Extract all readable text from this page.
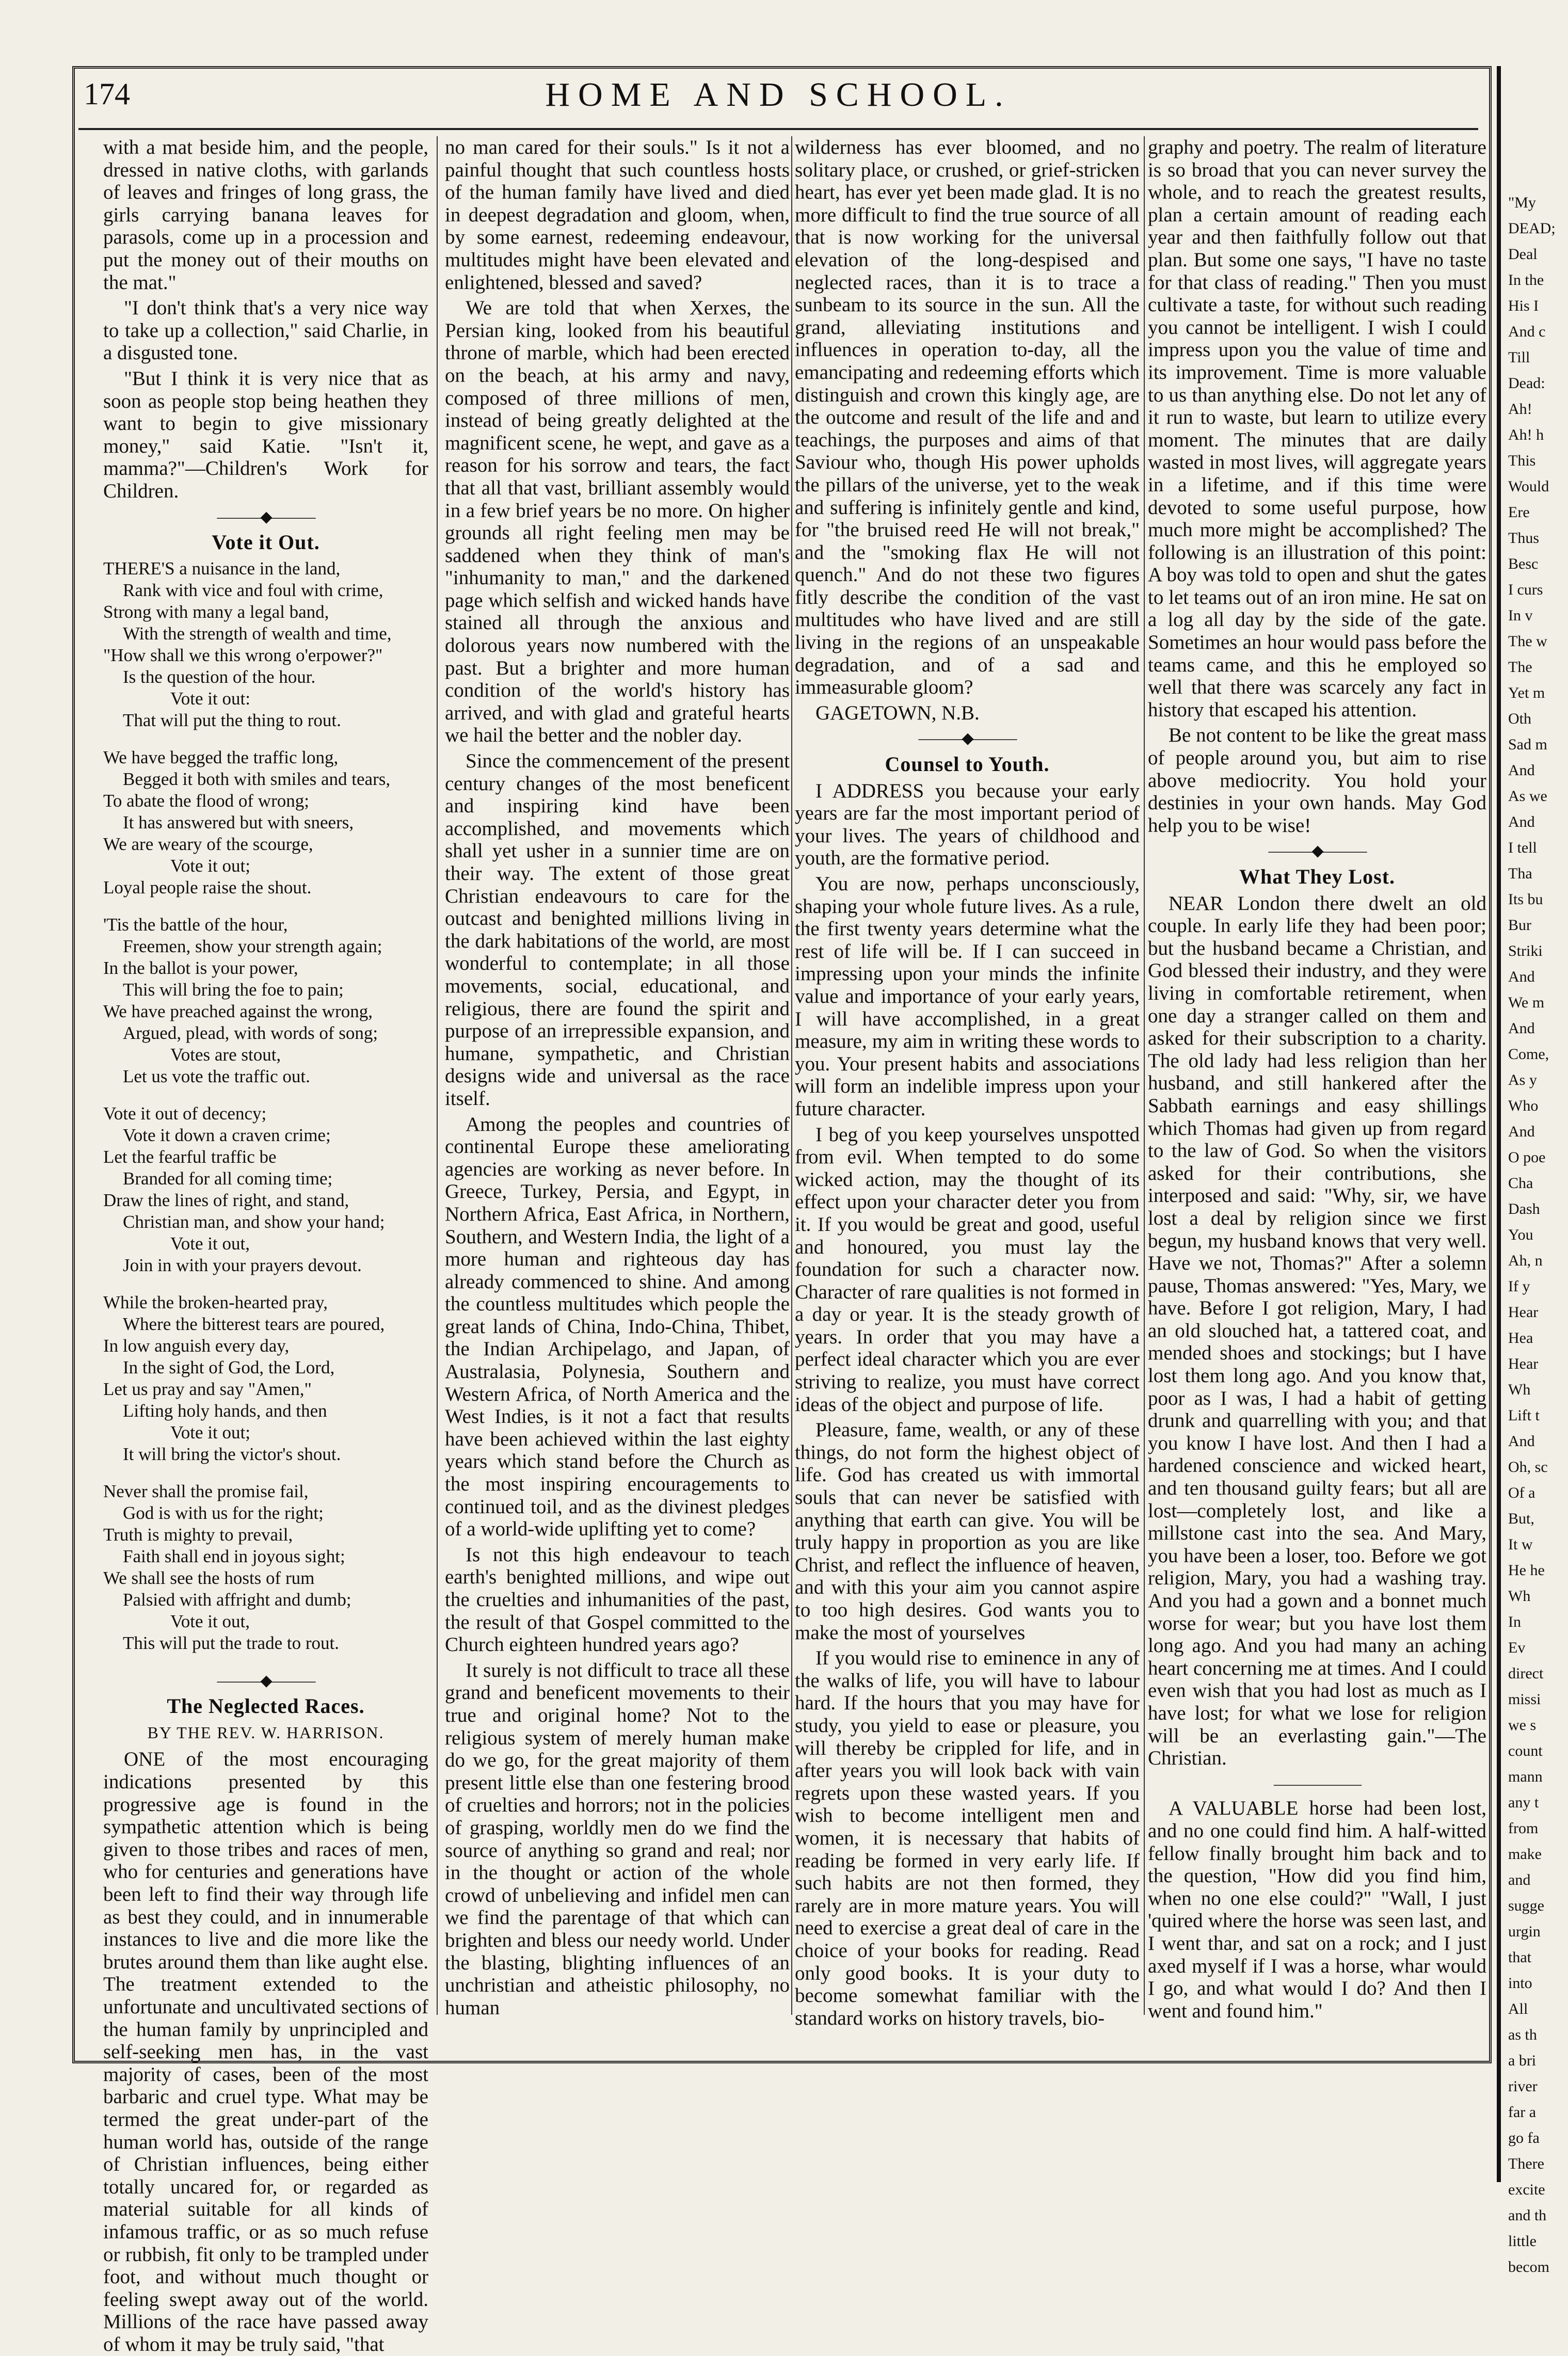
174	HOME AND SCHOOL.

with a mat beside him, and the people, dressed in native cloths, with garlands of leaves and fringes of long grass, the girls carrying banana leaves for parasols, come up in a procession and put the money out of their mouths on the mat."

"I don't think that's a very nice way to take up a collection," said Charlie, in a disgusted tone.

"But I think it is very nice that as soon as people stop being heathen they want to begin to give missionary money," said Katie. "Isn't it, mamma?"—Children's Work for Children.

———◆———
Vote it Out.
THERE'S a nuisance in the land,
Rank with vice and foul with crime,
Strong with many a legal band,
With the strength of wealth and time,
"How shall we this wrong o'erpower?"
Is the question of the hour.
Vote it out:
That will put the thing to rout.
We have begged the traffic long,
Begged it both with smiles and tears,
To abate the flood of wrong;
It has answered but with sneers,
We are weary of the scourge,
Vote it out;
Loyal people raise the shout.
'Tis the battle of the hour,
Freemen, show your strength again;
In the ballot is your power,
This will bring the foe to pain;
We have preached against the wrong,
Argued, plead, with words of song;
Votes are stout,
Let us vote the traffic out.
Vote it out of decency;
Vote it down a craven crime;
Let the fearful traffic be
Branded for all coming time;
Draw the lines of right, and stand,
Christian man, and show your hand;
Vote it out,
Join in with your prayers devout.
While the broken-hearted pray,
Where the bitterest tears are poured,
In low anguish every day,
In the sight of God, the Lord,
Let us pray and say "Amen,"
Lifting holy hands, and then
Vote it out;
It will bring the victor's shout.
Never shall the promise fail,
God is with us for the right;
Truth is mighty to prevail,
Faith shall end in joyous sight;
We shall see the hosts of rum
Palsied with affright and dumb;
Vote it out,
This will put the trade to rout.
———◆———
The Neglected Races.
BY THE REV. W. HARRISON.

ONE of the most encouraging indications presented by this progressive age is found in the sympathetic attention which is being given to those tribes and races of men, who for centuries and generations have been left to find their way through life as best they could, and in innumerable instances to live and die more like the brutes around them than like aught else. The treatment extended to the unfortunate and uncultivated sections of the human family by unprincipled and self-seeking men has, in the vast majority of cases, been of the most barbaric and cruel type. What may be termed the great under-part of the human world has, outside of the range of Christian influences, being either totally uncared for, or regarded as material suitable for all kinds of infamous traffic, or as so much refuse or rubbish, fit only to be trampled under foot, and without much thought or feeling swept away out of the world. Millions of the race have passed away of whom it may be truly said, "that

no man cared for their souls." Is it not a painful thought that such countless hosts of the human family have lived and died in deepest degradation and gloom, when, by some earnest, redeeming endeavour, multitudes might have been elevated and enlightened, blessed and saved?

We are told that when Xerxes, the Persian king, looked from his beautiful throne of marble, which had been erected on the beach, at his army and navy, composed of three millions of men, instead of being greatly delighted at the magnificent scene, he wept, and gave as a reason for his sorrow and tears, the fact that all that vast, brilliant assembly would in a few brief years be no more. On higher grounds all right feeling men may be saddened when they think of man's "inhumanity to man," and the darkened page which selfish and wicked hands have stained all through the anxious and dolorous years now numbered with the past. But a brighter and more human condition of the world's history has arrived, and with glad and grateful hearts we hail the better and the nobler day.

Since the commencement of the present century changes of the most beneficent and inspiring kind have been accomplished, and movements which shall yet usher in a sunnier time are on their way. The extent of those great Christian endeavours to care for the outcast and benighted millions living in the dark habitations of the world, are most wonderful to contemplate; in all those movements, social, educational, and religious, there are found the spirit and purpose of an irrepressible expansion, and humane, sympathetic, and Christian designs wide and universal as the race itself.

Among the peoples and countries of continental Europe these ameliorating agencies are working as never before. In Greece, Turkey, Persia, and Egypt, in Northern Africa, East Africa, in Northern, Southern, and Western India, the light of a more human and righteous day has already commenced to shine. And among the countless multitudes which people the great lands of China, Indo-China, Thibet, the Indian Archipelago, and Japan, of Australasia, Polynesia, Southern and Western Africa, of North America and the West Indies, is it not a fact that results have been achieved within the last eighty years which stand before the Church as the most inspiring encouragements to continued toil, and as the divinest pledges of a world-wide uplifting yet to come?

Is not this high endeavour to teach earth's benighted millions, and wipe out the cruelties and inhumanities of the past, the result of that Gospel committed to the Church eighteen hundred years ago?

It surely is not difficult to trace all these grand and beneficent movements to their true and original home? Not to the religious system of merely human make do we go, for the great majority of them present little else than one festering brood of cruelties and horrors; not in the policies of grasping, worldly men do we find the source of anything so grand and real; nor in the thought or action of the whole crowd of unbelieving and infidel men can we find the parentage of that which can brighten and bless our needy world. Under the blasting, blighting influences of an unchristian and atheistic philosophy, no human

wilderness has ever bloomed, and no solitary place, or crushed, or grief-stricken heart, has ever yet been made glad. It is no more difficult to find the true source of all that is now working for the universal elevation of the long-despised and neglected races, than it is to trace a sunbeam to its source in the sun. All the grand, alleviating institutions and influences in operation to-day, all the emancipating and redeeming efforts which distinguish and crown this kingly age, are the outcome and result of the life and and teachings, the purposes and aims of that Saviour who, though His power upholds the pillars of the universe, yet to the weak and suffering is infinitely gentle and kind, for "the bruised reed He will not break," and the "smoking flax He will not quench." And do not these two figures fitly describe the condition of the vast multitudes who have lived and are still living in the regions of an unspeakable degradation, and of a sad and immeasurable gloom?

GAGETOWN, N.B.

———◆———
Counsel to Youth.

I ADDRESS you because your early years are far the most important period of your lives. The years of childhood and youth, are the formative period.

You are now, perhaps unconsciously, shaping your whole future lives. As a rule, the first twenty years determine what the rest of life will be. If I can succeed in impressing upon your minds the infinite value and importance of your early years, I will have accomplished, in a great measure, my aim in writing these words to you. Your present habits and associations will form an indelible impress upon your future character.

I beg of you keep yourselves unspotted from evil. When tempted to do some wicked action, may the thought of its effect upon your character deter you from it. If you would be great and good, useful and honoured, you must lay the foundation for such a character now. Character of rare qualities is not formed in a day or year. It is the steady growth of years. In order that you may have a perfect ideal character which you are ever striving to realize, you must have correct ideas of the object and purpose of life.

Pleasure, fame, wealth, or any of these things, do not form the highest object of life. God has created us with immortal souls that can never be satisfied with anything that earth can give. You will be truly happy in proportion as you are like Christ, and reflect the influence of heaven, and with this your aim you cannot aspire to too high desires. God wants you to make the most of yourselves

If you would rise to eminence in any of the walks of life, you will have to labour hard. If the hours that you may have for study, you yield to ease or pleasure, you will thereby be crippled for life, and in after years you will look back with vain regrets upon these wasted years. If you wish to become intelligent men and women, it is necessary that habits of reading be formed in very early life. If such habits are not then formed, they rarely are in more mature years. You will need to exercise a great deal of care in the choice of your books for reading. Read only good books. It is your duty to become somewhat familiar with the standard works on history travels, bio-

graphy and poetry. The realm of literature is so broad that you can never survey the whole, and to reach the greatest results, plan a certain amount of reading each year and then faithfully follow out that plan. But some one says, "I have no taste for that class of reading." Then you must cultivate a taste, for without such reading you cannot be intelligent. I wish I could impress upon you the value of time and its improvement. Time is more valuable to us than anything else. Do not let any of it run to waste, but learn to utilize every moment. The minutes that are daily wasted in most lives, will aggregate years in a lifetime, and if this time were devoted to some useful purpose, how much more might be accomplished? The following is an illustration of this point: A boy was told to open and shut the gates to let teams out of an iron mine. He sat on a log all day by the side of the gate. Sometimes an hour would pass before the teams came, and this he employed so well that there was scarcely any fact in history that escaped his attention.

Be not content to be like the great mass of people around you, but aim to rise above mediocrity. You hold your destinies in your own hands. May God help you to be wise!

———◆———
What They Lost.

NEAR London there dwelt an old couple. In early life they had been poor; but the husband became a Christian, and God blessed their industry, and they were living in comfortable retirement, when one day a stranger called on them and asked for their subscription to a charity. The old lady had less religion than her husband, and still hankered after the Sabbath earnings and easy shillings which Thomas had given up from regard to the law of God. So when the visitors asked for their contributions, she interposed and said: "Why, sir, we have lost a deal by religion since we first begun, my husband knows that very well. Have we not, Thomas?" After a solemn pause, Thomas answered: "Yes, Mary, we have. Before I got religion, Mary, I had an old slouched hat, a tattered coat, and mended shoes and stockings; but I have lost them long ago. And you know that, poor as I was, I had a habit of getting drunk and quarrelling with you; and that you know I have lost. And then I had a hardened conscience and wicked heart, and ten thousand guilty fears; but all are lost—completely lost, and like a millstone cast into the sea. And Mary, you have been a loser, too. Before we got religion, Mary, you had a washing tray. And you had a gown and a bonnet much worse for wear; but you have lost them long ago. And you had many an aching heart concerning me at times. And I could even wish that you had lost as much as I have lost; for what we lose for religion will be an everlasting gain."—The Christian.

——————

A VALUABLE horse had been lost, and no one could find him. A half-witted fellow finally brought him back and to the question, "How did you find him, when no one else could?" "Wall, I just 'quired where the horse was seen last, and I went thar, and sat on a rock; and I just axed myself if I was a horse, whar would I go, and what would I do? And then I went and found him."

"My
DEAD;
Deal
In the
His I
And c
Till
Dead:
Ah!
Ah! h
This
Would
Ere
Thus
Besc
I curs
In v
The w
The
Yet m
Oth
Sad m
And
As we
And
I tell
Tha
Its bu
Bur
Striki
And
We m
And
Come,
As y
Who
And
O poe
Cha
Dash
You
Ah, n
If y
Hear
Hea
Hear
Wh
Lift t
And
Oh, sc
Of a
But,
It w
He he
Wh
In
Ev
direct
missi
we s
count
mann
any t
from
make
and
sugge
urgin
that
into
All
as th
a bri
river
far a
go fa
There
excite
and th
little
becom
